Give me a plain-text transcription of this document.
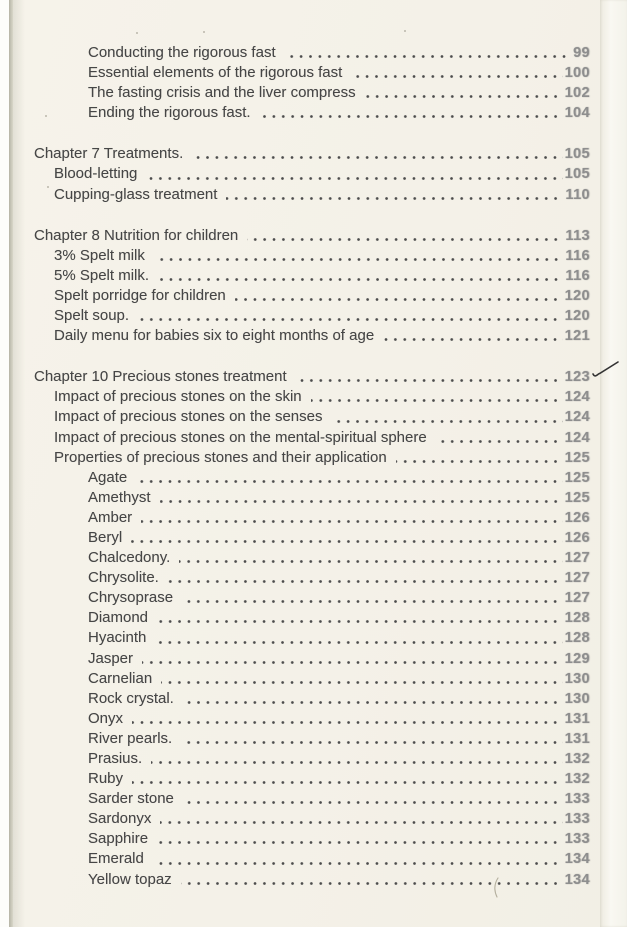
Conducting the rigorous fast	99
Essential elements of the rigorous fast	100
The fasting crisis and the liver compress	102
Ending the rigorous fast.	104
Chapter 7 Treatments.	105
Blood-letting	105
Cupping-glass treatment	110
Chapter 8 Nutrition for children	113
3% Spelt milk	116
5% Spelt milk.	116
Spelt porridge for children	120
Spelt soup.	120
Daily menu for babies six to eight months of age	121
Chapter 10 Precious stones treatment	123
Impact of precious stones on the skin	124
Impact of precious stones on the senses	124
Impact of precious stones on the mental-spiritual sphere	124
Properties of precious stones and their application	125
Agate	125
Amethyst	125
Amber	126
Beryl	126
Chalcedony.	127
Chrysolite.	127
Chrysoprase	127
Diamond	128
Hyacinth	128
Jasper	129
Carnelian	130
Rock crystal.	130
Onyx	131
River pearls.	131
Prasius.	132
Ruby	132
Sarder stone	133
Sardonyx	133
Sapphire	133
Emerald	134
Yellow topaz	134
